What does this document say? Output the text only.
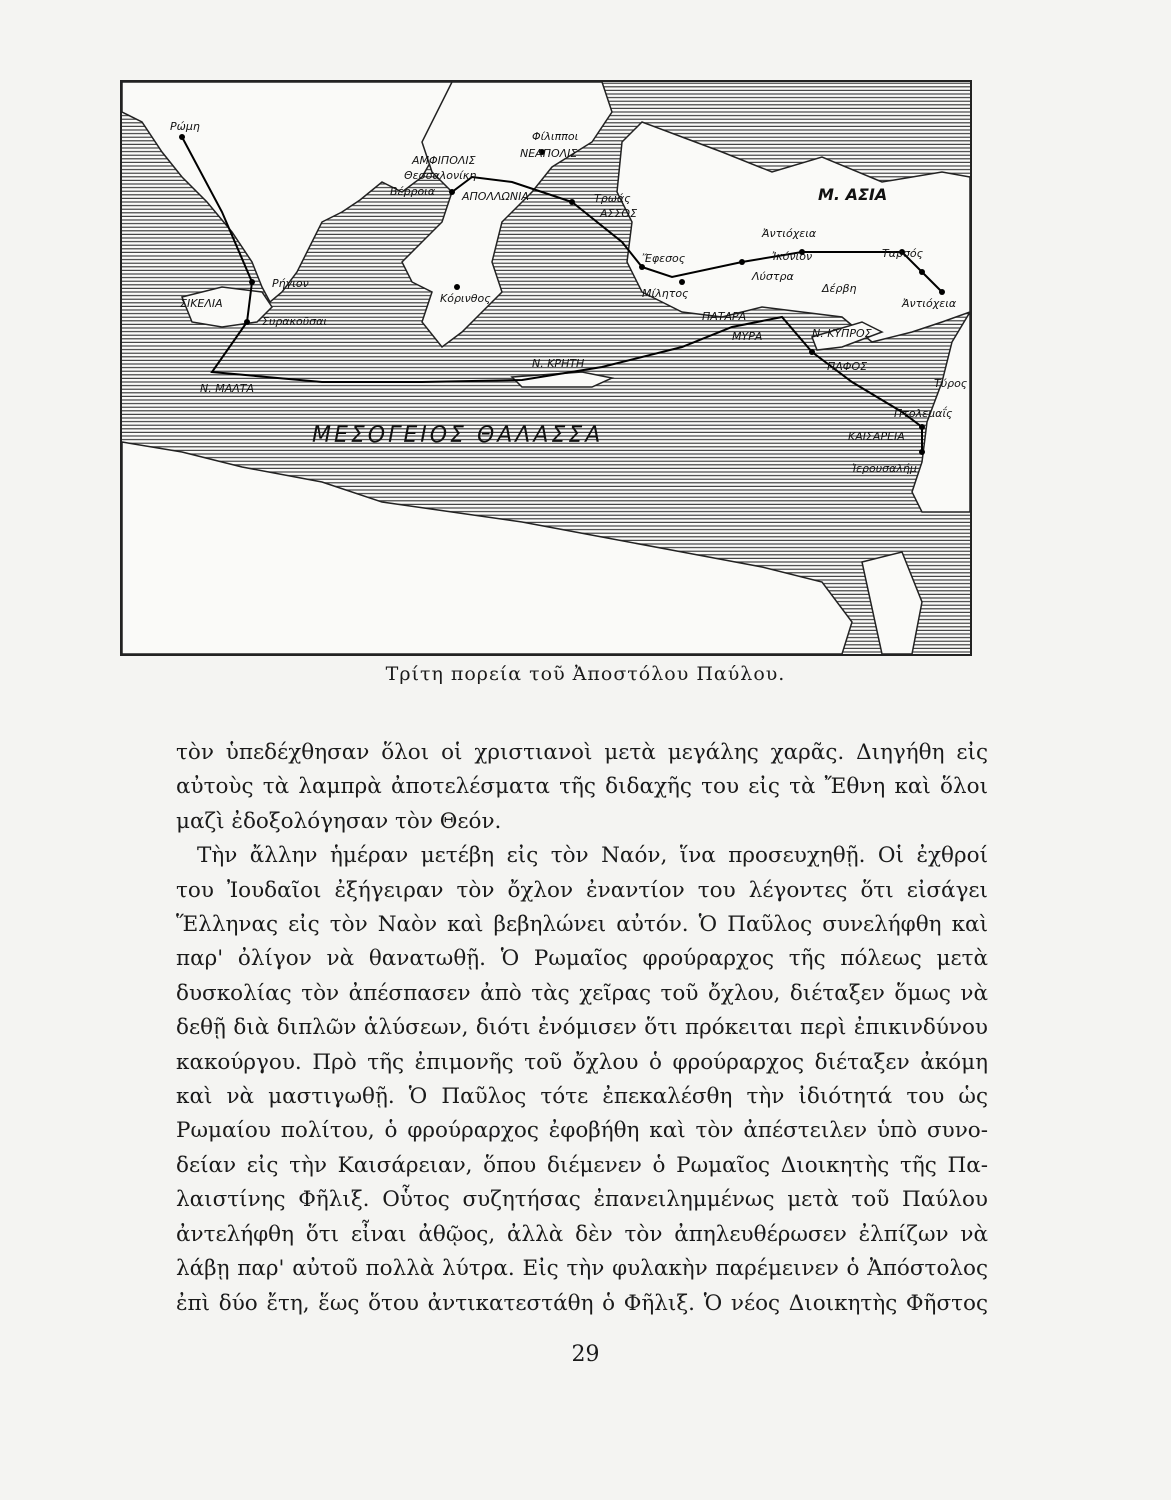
Ρώμη
Φίλιπποι
ΝΕΑΠΟΛΙΣ
ΑΜΦΙΠΟΛΙΣ
Θεσσαλονίκη
Βέρροια ΑΠΟΛΛΩΝΙΑ	Τρωάς
ΑΣΣΟΣ
Μ. ΑΣΙΑ
Ἀντιόχεια
Ἰκόνιον	Ταρσός
Ἔφεσος
Λύστρα
Δέρβη
Ἀντιόχεια
Κόρινθος	Μίλητος
ΠΑΤΑΡΑ
ΜΥΡΑ	Ν. ΚΥΠΡΟΣ
ΠΑΦΟΣ
Τύρος
Πτολεμαΐς
ΚΑΙΣΑΡΕΙΑ
Ἱερουσαλήμ
Ρήγιον
ΣΙΚΕΛΙΑ
Συρακοῦσαι
Ν. ΜΑΛΤΑ
Ν. ΚΡΗΤΗ
ΜΕΣΟΓΕΙΟΣ ΘΑΛΑΣΣΑ
Τρίτη πορεία τοῦ Ἀποστόλου Παύλου.
τὸν ὑπεδέχθησαν ὅλοι οἱ χριστιανοὶ μετὰ μεγάλης χαρᾶς. Διηγήθη εἰς
αὐτοὺς τὰ λαμπρὰ ἀποτελέσματα τῆς διδαχῆς του εἰς τὰ Ἔθνη καὶ ὅλοι
μαζὶ ἐδοξολόγησαν τὸν Θεόν.
Τὴν ἄλλην ἡμέραν μετέβη εἰς τὸν Ναόν, ἵνα προσευχηθῇ. Οἱ ἐχθροί
του Ἰουδαῖοι ἐξήγειραν τὸν ὄχλον ἐναντίον του λέγοντες ὅτι εἰσάγει
Ἕλληνας εἰς τὸν Ναὸν καὶ βεβηλώνει αὐτόν. Ὁ Παῦλος συνελήφθη καὶ
παρ' ὀλίγον νὰ θανατωθῇ. Ὁ Ρωμαῖος φρούραρχος τῆς πόλεως μετὰ
δυσκολίας τὸν ἀπέσπασεν ἀπὸ τὰς χεῖρας τοῦ ὄχλου, διέταξεν ὅμως νὰ
δεθῇ διὰ διπλῶν ἁλύσεων, διότι ἐνόμισεν ὅτι πρόκειται περὶ ἐπικινδύνου
κακούργου. Πρὸ τῆς ἐπιμονῆς τοῦ ὄχλου ὁ φρούραρχος διέταξεν ἀκόμη
καὶ νὰ μαστιγωθῇ. Ὁ Παῦλος τότε ἐπεκαλέσθη τὴν ἰδιότητά του ὡς
Ρωμαίου πολίτου, ὁ φρούραρχος ἐφοβήθη καὶ τὸν ἀπέστειλεν ὑπὸ συνο-
δείαν εἰς τὴν Καισάρειαν, ὅπου διέμενεν ὁ Ρωμαῖος Διοικητὴς τῆς Πα-
λαιστίνης Φῆλιξ. Οὗτος συζητήσας ἐπανειλημμένως μετὰ τοῦ Παύλου
ἀντελήφθη ὅτι εἶναι ἀθῷος, ἀλλὰ δὲν τὸν ἀπηλευθέρωσεν ἐλπίζων νὰ
λάβῃ παρ' αὐτοῦ πολλὰ λύτρα. Εἰς τὴν φυλακὴν παρέμεινεν ὁ Ἀπόστολος
ἐπὶ δύο ἔτη, ἕως ὅτου ἀντικατεστάθη ὁ Φῆλιξ. Ὁ νέος Διοικητὴς Φῆστος
29
